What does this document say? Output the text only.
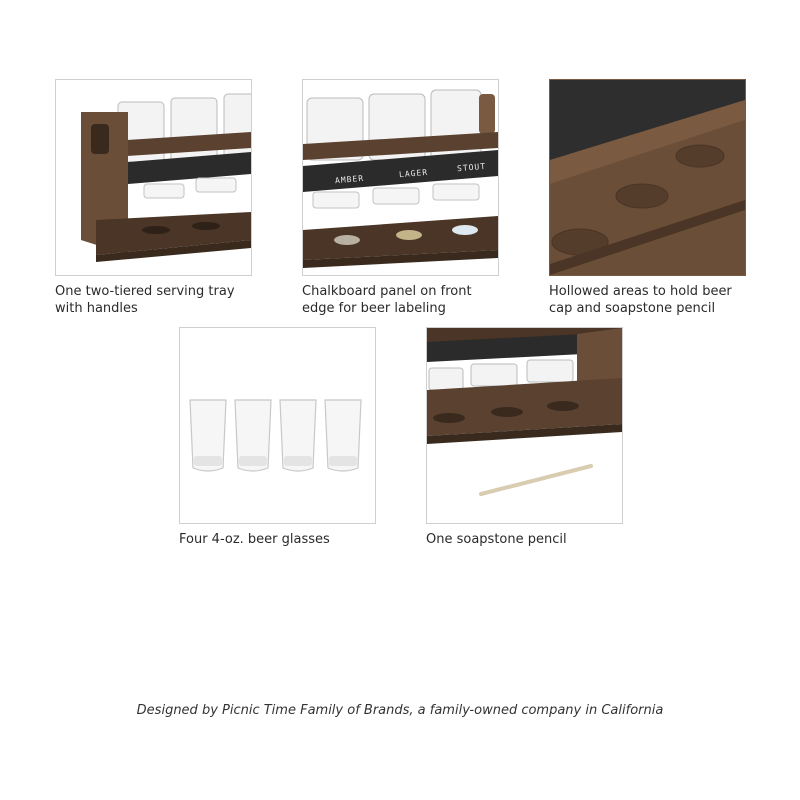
One two-tiered serving tray
with handles
AMBER
LAGER
STOUT
Chalkboard panel on front
edge for beer labeling
Hollowed areas to hold beer
cap and soapstone pencil
Four 4-oz. beer glasses	One soapstone pencil
Designed by Picnic Time Family of Brands, a family-owned company in California
